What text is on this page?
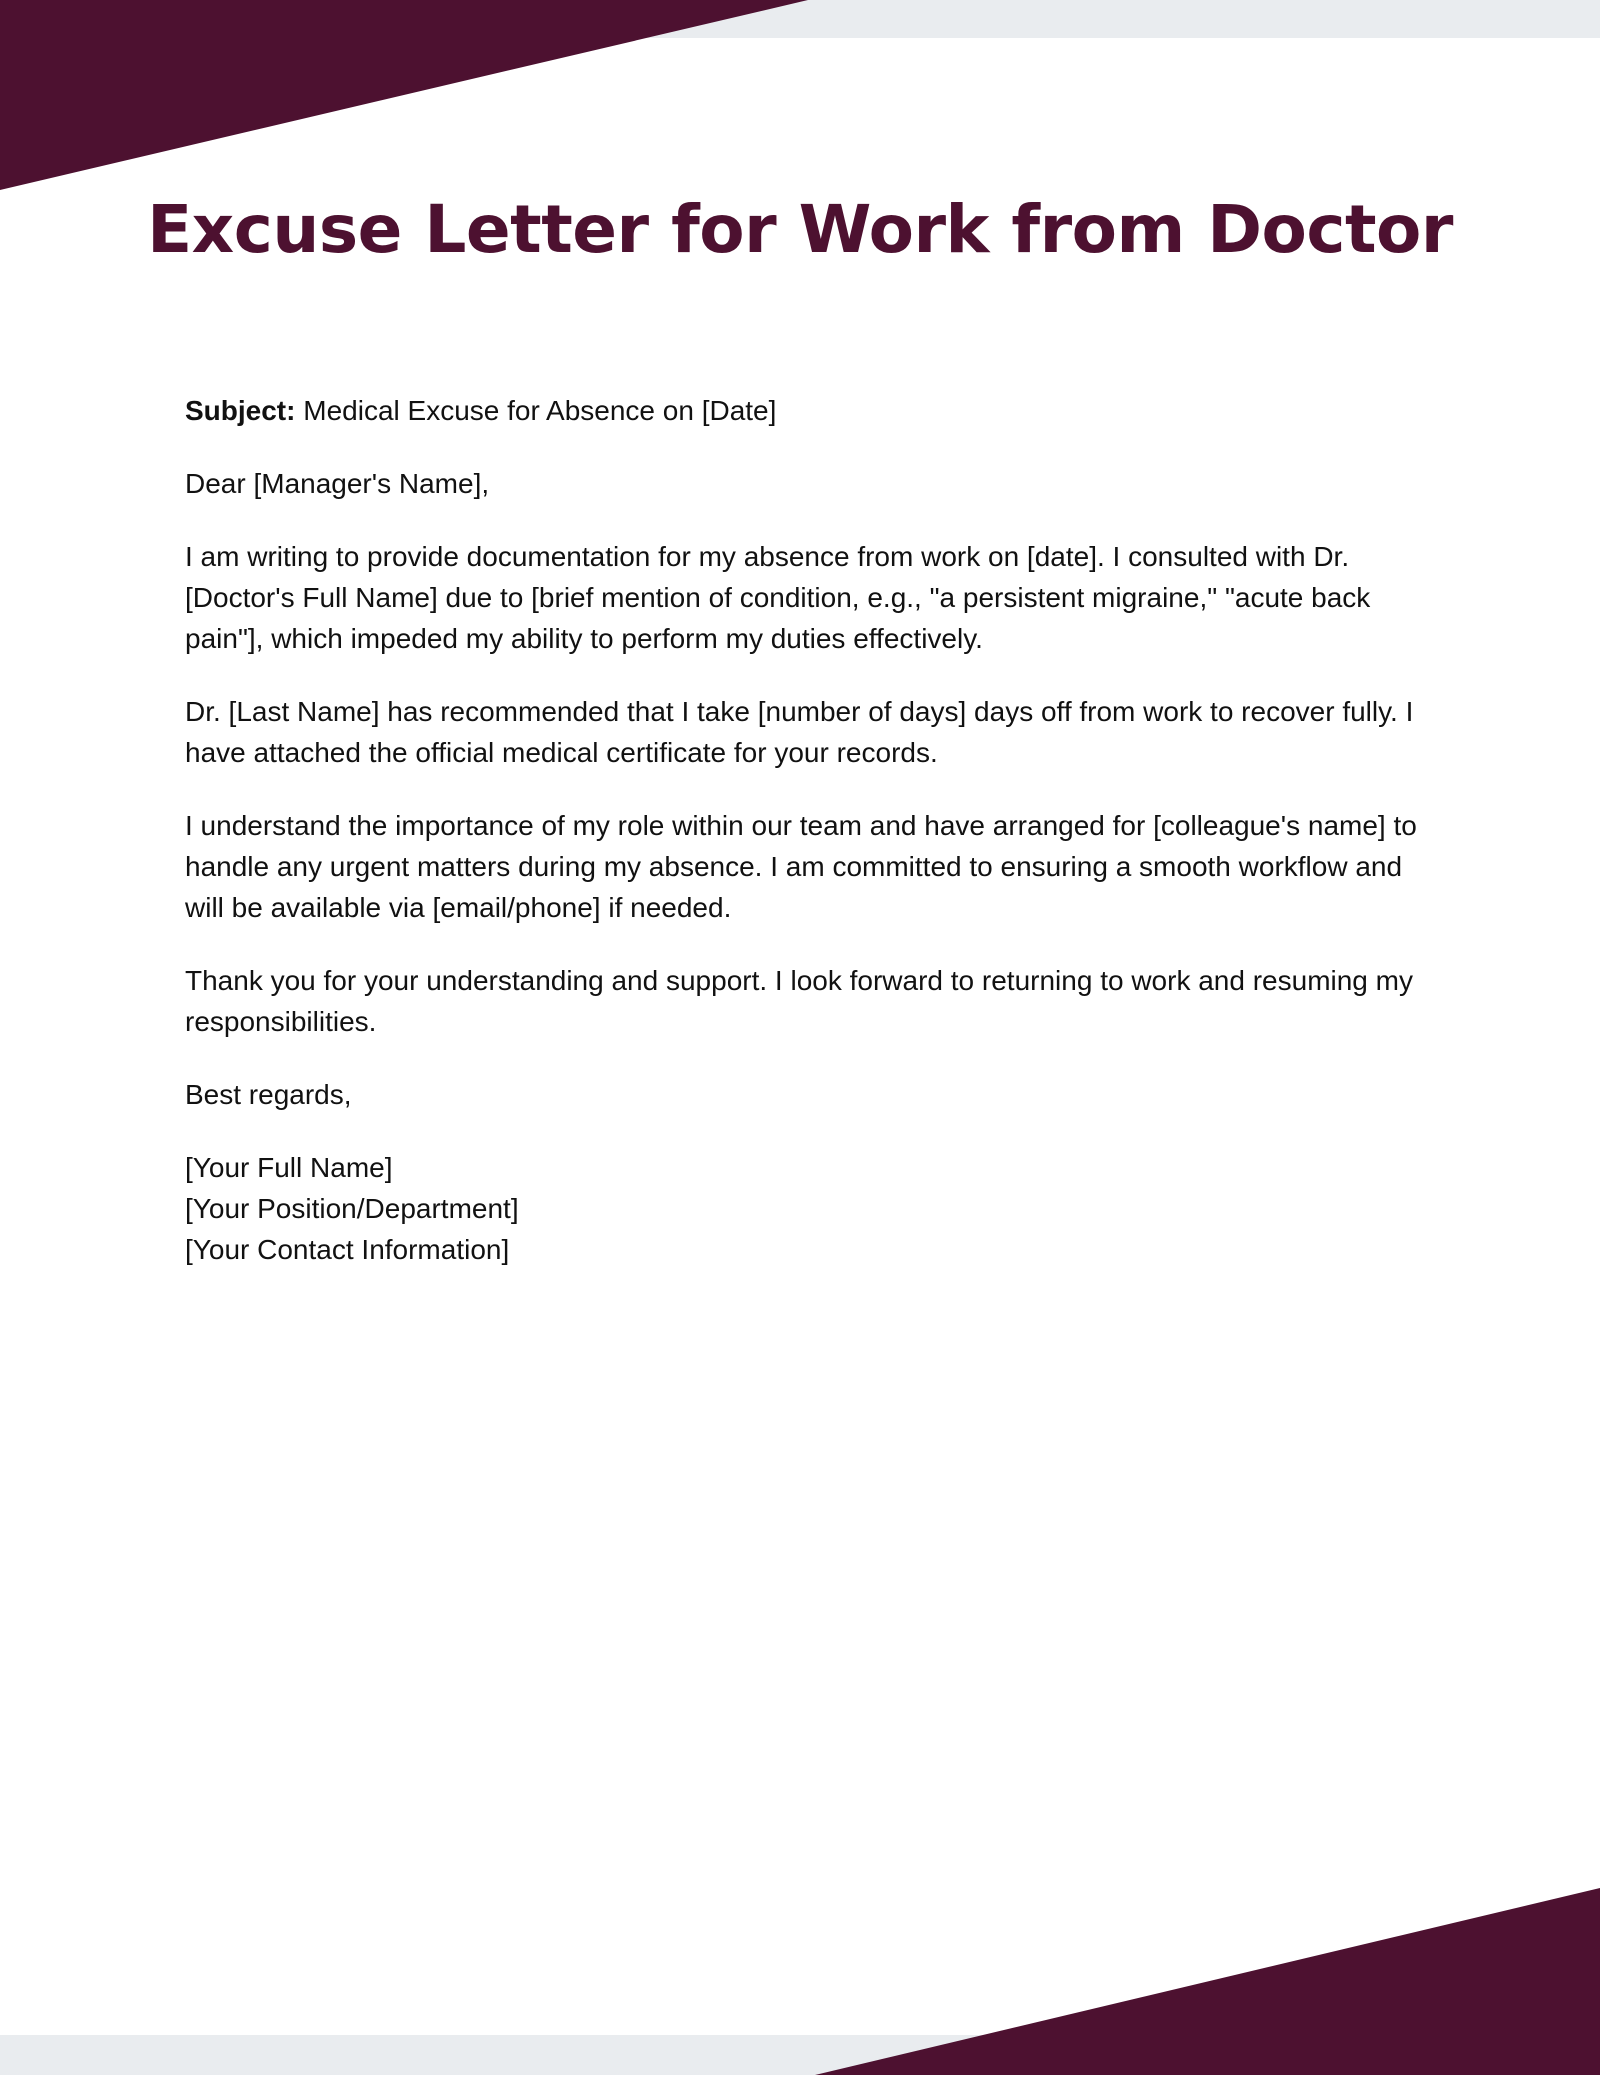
Excuse Letter for Work from Doctor

Subject: Medical Excuse for Absence on [Date]

Dear [Manager's Name],

I am writing to provide documentation for my absence from work on [date]. I consulted with Dr. [Doctor's Full Name] due to [brief mention of condition, e.g., "a persistent migraine," "acute back pain"], which impeded my ability to perform my duties effectively.

Dr. [Last Name] has recommended that I take [number of days] days off from work to recover fully. I have attached the official medical certificate for your records.

I understand the importance of my role within our team and have arranged for [colleague's name] to handle any urgent matters during my absence. I am committed to ensuring a smooth workflow and will be available via [email/phone] if needed.

Thank you for your understanding and support. I look forward to returning to work and resuming my responsibilities.

Best regards,

[Your Full Name]
[Your Position/Department]
[Your Contact Information]
